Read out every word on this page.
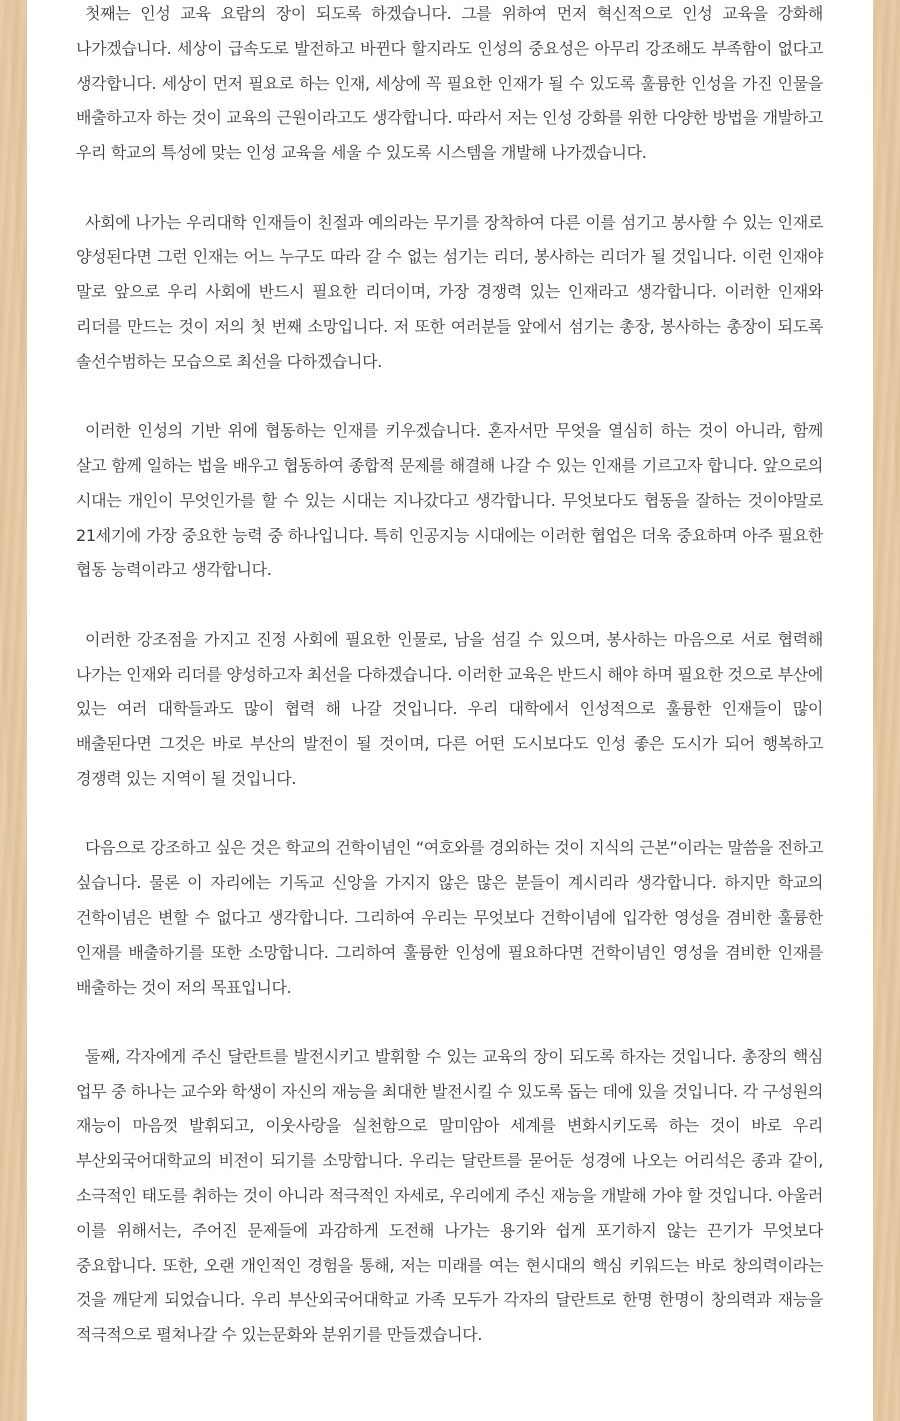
첫째는 인성 교육 요람의 장이 되도록 하겠습니다. 그를 위하여 먼저 혁신적으로 인성 교육을 강화해 나가겠습니다. 세상이 급속도로 발전하고 바뀐다 할지라도 인성의 중요성은 아무리 강조해도 부족함이 없다고 생각합니다. 세상이 먼저 필요로 하는 인재, 세상에 꼭 필요한 인재가 될 수 있도록 훌륭한 인성을 가진 인물을 배출하고자 하는 것이 교육의 근원이라고도 생각합니다. 따라서 저는 인성 강화를 위한 다양한 방법을 개발하고 우리 학교의 특성에 맞는 인성 교육을 세울 수 있도록 시스템을 개발해 나가겠습니다.

사회에 나가는 우리대학 인재들이 친절과 예의라는 무기를 장착하여 다른 이를 섬기고 봉사할 수 있는 인재로 양성된다면 그런 인재는 어느 누구도 따라 갈 수 없는 섬기는 리더, 봉사하는 리더가 될 것입니다. 이런 인재야 말로 앞으로 우리 사회에 반드시 필요한 리더이며, 가장 경쟁력 있는 인재라고 생각합니다. 이러한 인재와 리더를 만드는 것이 저의 첫 번째 소망입니다. 저 또한 여러분들 앞에서 섬기는 총장, 봉사하는 총장이 되도록 솔선수범하는 모습으로 최선을 다하겠습니다.

이러한 인성의 기반 위에 협동하는 인재를 키우겠습니다. 혼자서만 무엇을 열심히 하는 것이 아니라, 함께 살고 함께 일하는 법을 배우고 협동하여 종합적 문제를 해결해 나갈 수 있는 인재를 기르고자 합니다. 앞으로의 시대는 개인이 무엇인가를 할 수 있는 시대는 지나갔다고 생각합니다. 무엇보다도 협동을 잘하는 것이야말로 21세기에 가장 중요한 능력 중 하나입니다. 특히 인공지능 시대에는 이러한 협업은 더욱 중요하며 아주 필요한 협동 능력이라고 생각합니다.

이러한 강조점을 가지고 진정 사회에 필요한 인물로, 남을 섬길 수 있으며, 봉사하는 마음으로 서로 협력해 나가는 인재와 리더를 양성하고자 최선을 다하겠습니다. 이러한 교육은 반드시 해야 하며 필요한 것으로 부산에 있는 여러 대학들과도 많이 협력 해 나갈 것입니다. 우리 대학에서 인성적으로 훌륭한 인재들이 많이 배출된다면 그것은 바로 부산의 발전이 될 것이며, 다른 어떤 도시보다도 인성 좋은 도시가 되어 행복하고 경쟁력 있는 지역이 될 것입니다.

다음으로 강조하고 싶은 것은 학교의 건학이념인 “여호와를 경외하는 것이 지식의 근본”이라는 말씀을 전하고 싶습니다. 물론 이 자리에는 기독교 신앙을 가지지 않은 많은 분들이 계시리라 생각합니다. 하지만 학교의 건학이념은 변할 수 없다고 생각합니다. 그리하여 우리는 무엇보다 건학이념에 입각한 영성을 겸비한 훌륭한 인재를 배출하기를 또한 소망합니다. 그리하여 훌륭한 인성에 필요하다면 건학이념인 영성을 겸비한 인재를 배출하는 것이 저의 목표입니다.

둘째, 각자에게 주신 달란트를 발전시키고 발휘할 수 있는 교육의 장이 되도록 하자는 것입니다. 총장의 핵심 업무 중 하나는 교수와 학생이 자신의 재능을 최대한 발전시킬 수 있도록 돕는 데에 있을 것입니다. 각 구성원의 재능이 마음껏 발휘되고, 이웃사랑을 실천함으로 말미암아 세계를 변화시키도록 하는 것이 바로 우리 부산외국어대학교의 비전이 되기를 소망합니다. 우리는 달란트를 묻어둔 성경에 나오는 어리석은 종과 같이, 소극적인 태도를 취하는 것이 아니라 적극적인 자세로, 우리에게 주신 재능을 개발해 가야 할 것입니다. 아울러 이를 위해서는, 주어진 문제들에 과감하게 도전해 나가는 용기와 쉽게 포기하지 않는 끈기가 무엇보다 중요합니다. 또한, 오랜 개인적인 경험을 통해, 저는 미래를 여는 현시대의 핵심 키워드는 바로 창의력이라는 것을 깨닫게 되었습니다. 우리 부산외국어대학교 가족 모두가 각자의 달란트로 한명 한명이 창의력과 재능을 적극적으로 펼쳐나갈 수 있는문화와 분위기를 만들겠습니다.
